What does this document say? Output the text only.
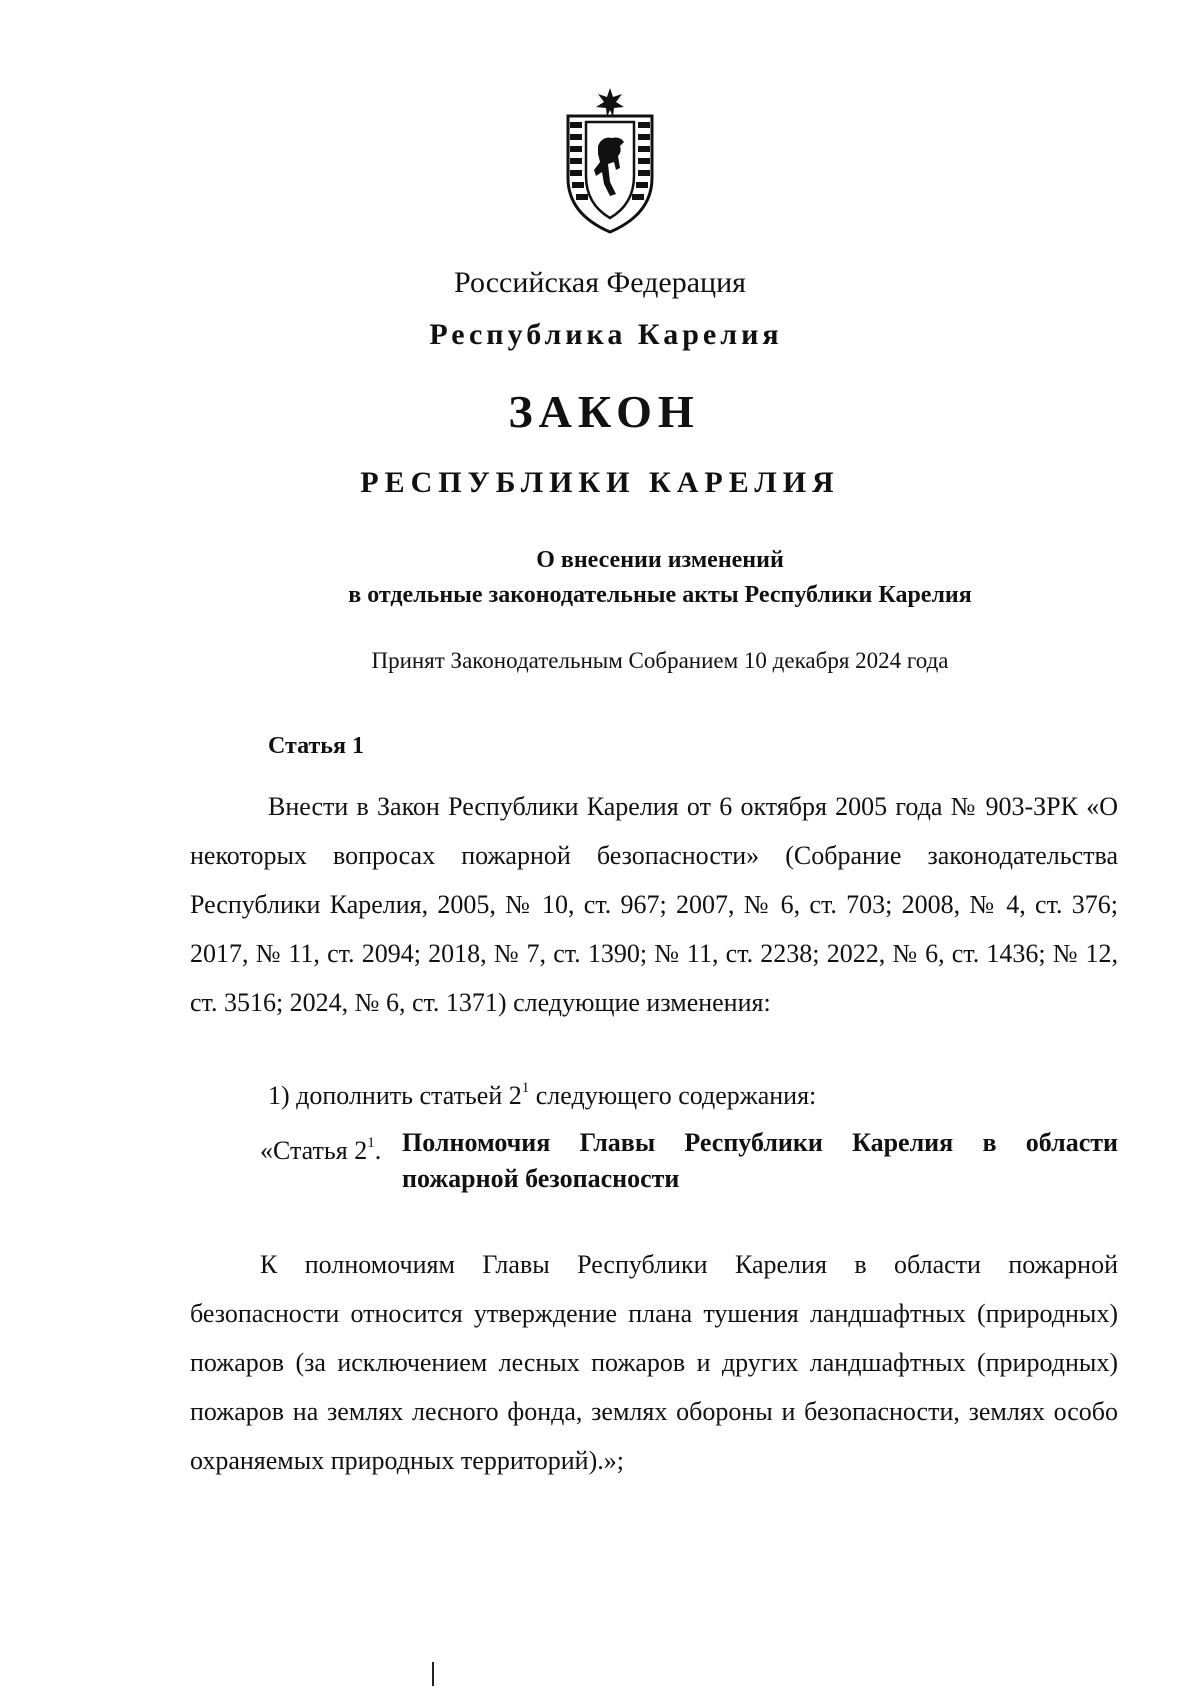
Российская Федерация
Республика Карелия
ЗАКОН
РЕСПУБЛИКИ КАРЕЛИЯ
О внесении изменений
в отдельные законодательные акты Республики Карелия
Принят Законодательным Собранием 10 декабря 2024 года
Статья 1

Внести в Закон Республики Карелия от 6 октября 2005 года № 903-ЗРК «О некоторых вопросах пожарной безопасности» (Собрание законодательства Республики Карелия, 2005, № 10, ст. 967; 2007, № 6, ст. 703; 2008, № 4, ст. 376; 2017, № 11, ст. 2094; 2018, № 7, ст. 1390; № 11, ст. 2238; 2022, № 6, ст. 1436; № 12, ст. 3516; 2024, № 6, ст. 1371) следующие изменения:

1) дополнить статьей $2^1$ следующего содержания:
«Статья $2^1$. Полномочия Главы Республики Карелия в области пожарной безопасности

К полномочиям Главы Республики Карелия в области пожарной безопасности относится утверждение плана тушения ландшафтных (природных) пожаров (за исключением лесных пожаров и других ландшафтных (природных) пожаров на землях лесного фонда, землях обороны и безопасности, землях особо охраняемых природных территорий).»;
